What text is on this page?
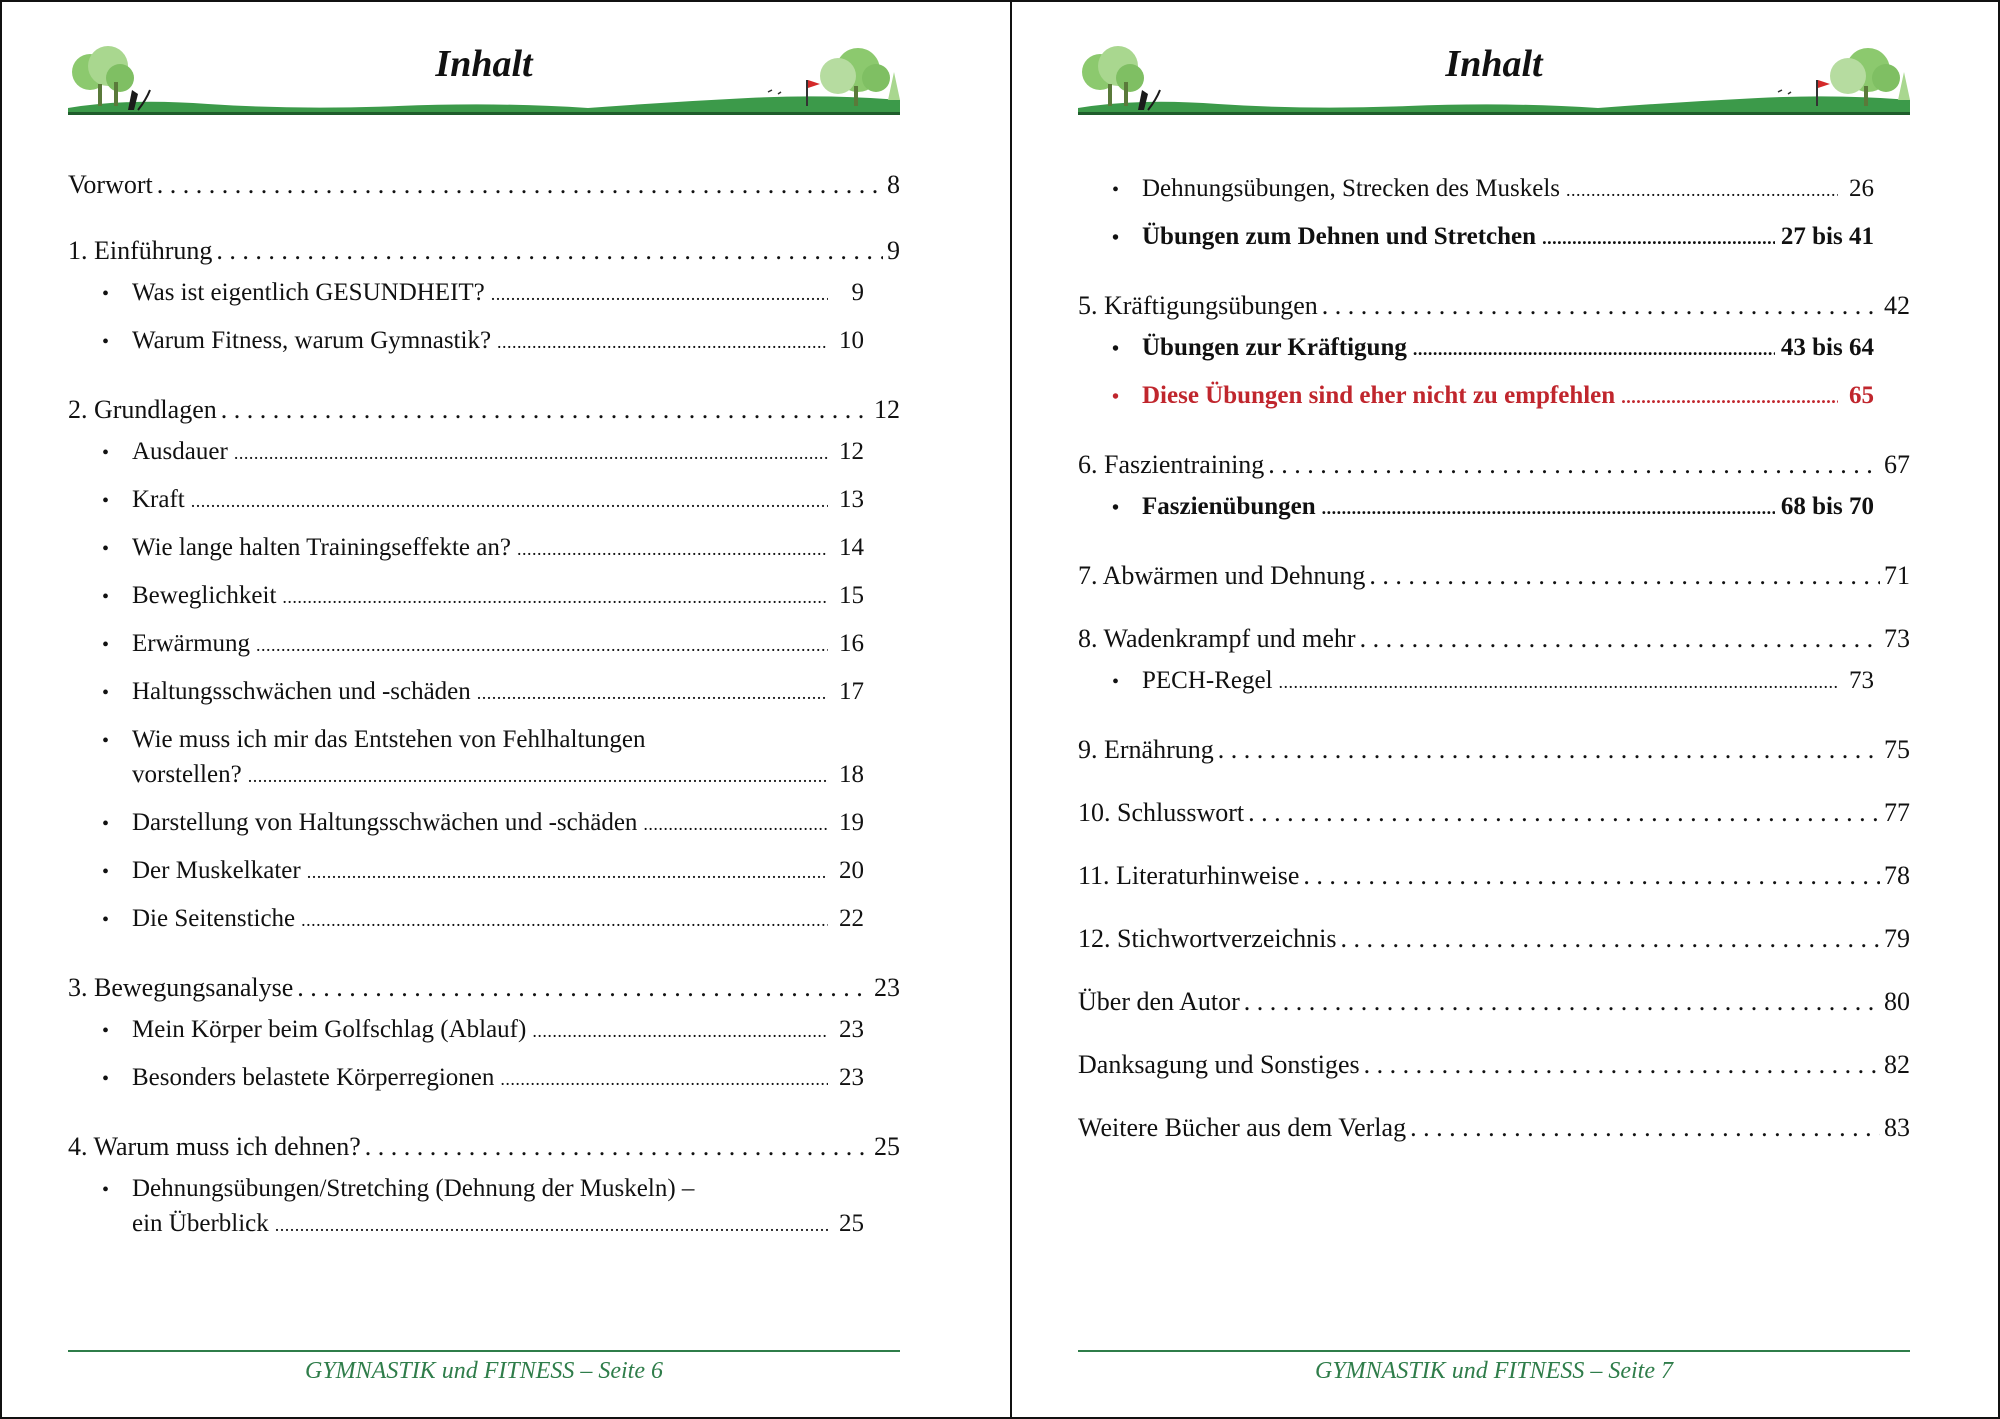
Inhalt
Vorwort . . .	8
1. Einführung . . .	9
• Was ist eigentlich GESUNDHEIT? .....	9
• Warum Fitness, warum Gymnastik? .....	10
2. Grundlagen . . .	12
• Ausdauer .....	12
• Kraft .....	13
• Wie lange halten Trainingseffekte an? .....	14
• Beweglichkeit .....	15
• Erwärmung .....	16
• Haltungsschwächen und -schäden .....	17
• Wie muss ich mir das Entstehen von Fehlhaltungen
vorstellen? .....	18
• Darstellung von Haltungsschwächen und -schäden .....	19
• Der Muskelkater .....	20
• Die Seitenstiche .....	22
3. Bewegungsanalyse . . .	23
• Mein Körper beim Golfschlag (Ablauf) .....	23
• Besonders belastete Körperregionen .....	23
4. Warum muss ich dehnen? . . .	25
• Dehnungsübungen/Stretching (Dehnung der Muskeln) –
ein Überblick .....	25
GYMNASTIK und FITNESS – Seite 6
Inhalt
• Dehnungsübungen, Strecken des Muskels .....	26
• Übungen zum Dehnen und Stretchen .....	27 bis 41
5. Kräftigungsübungen . . .	42
• Übungen zur Kräftigung .....	43 bis 64
• Diese Übungen sind eher nicht zu empfehlen .....	65
6. Faszientraining . . .	67
• Faszienübungen .....	68 bis 70
7. Abwärmen und Dehnung . . .	71
8. Wadenkrampf und mehr . . .	73
• PECH-Regel .....	73
9. Ernährung . . .	75
10. Schlusswort . . .	77
11. Literaturhinweise . . .	78
12. Stichwortverzeichnis . . .	79
Über den Autor . . .	80
Danksagung und Sonstiges . . .	82
Weitere Bücher aus dem Verlag . . .	83
GYMNASTIK und FITNESS – Seite 7
